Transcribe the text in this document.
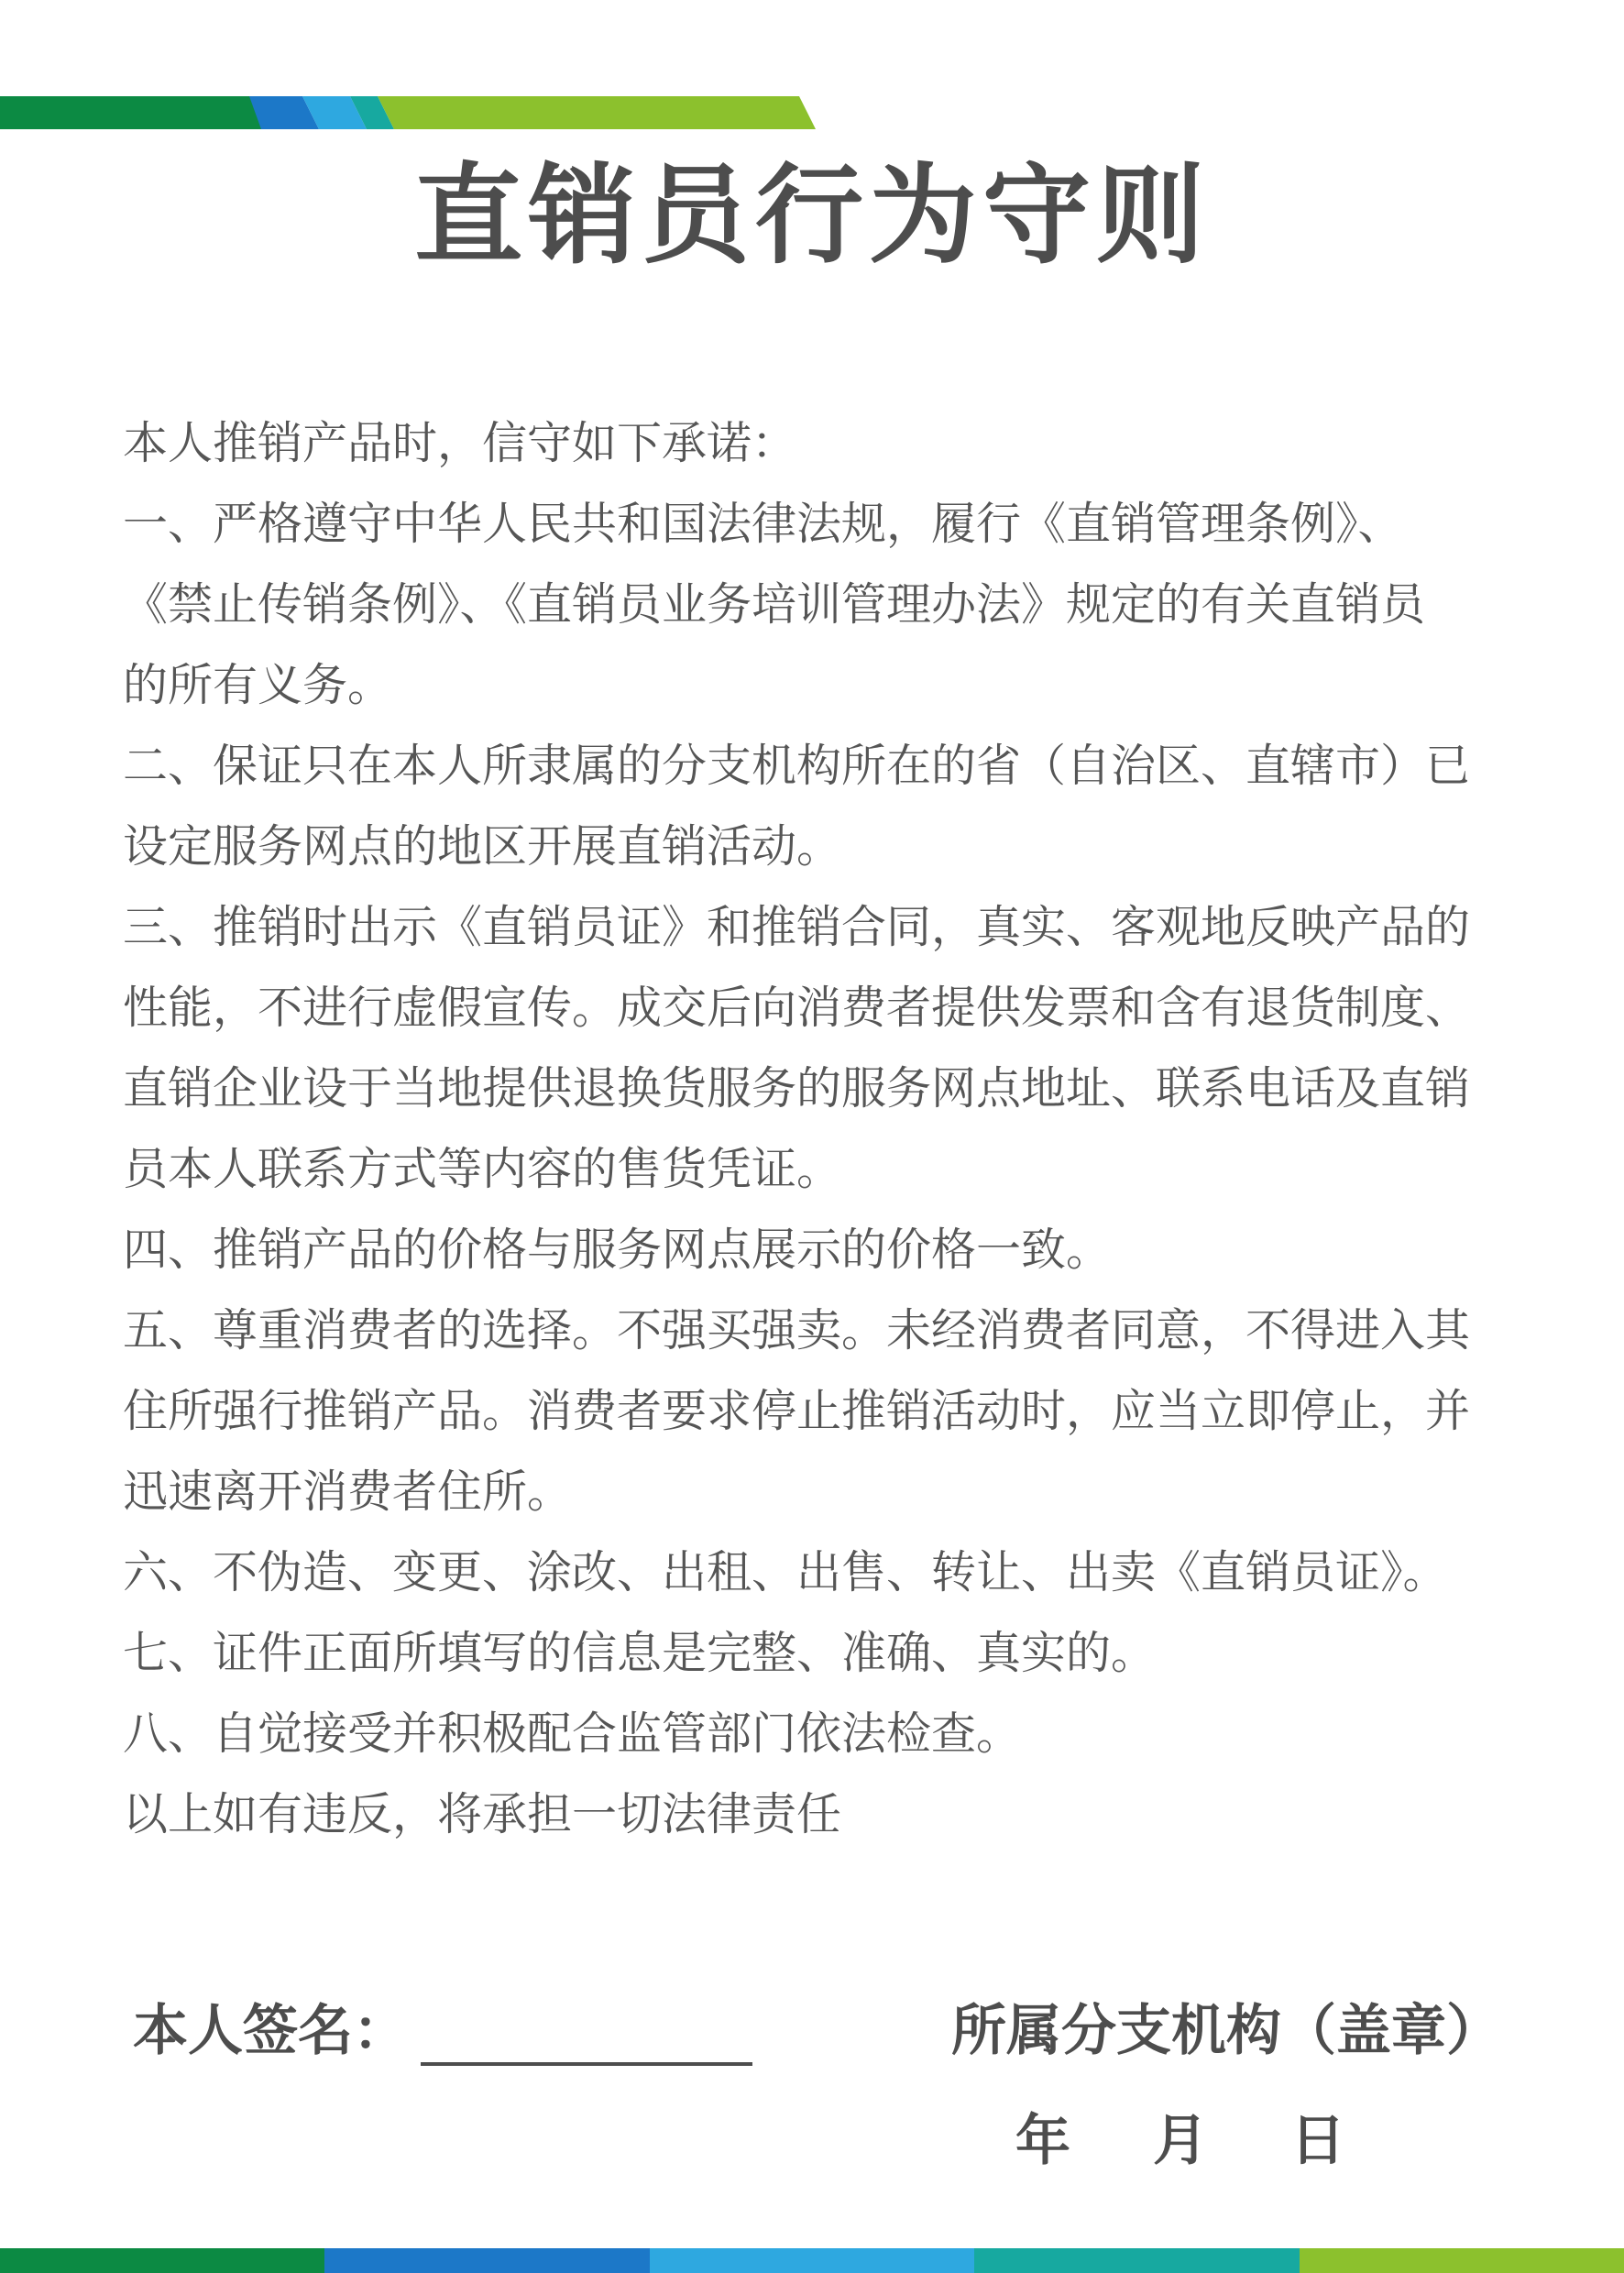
直销员行为守则

本人推销产品时，信守如下承诺：

一、严格遵守中华人民共和国法律法规，履行《直销管理条例》、

《禁止传销条例》、《直销员业务培训管理办法》规定的有关直销员

的所有义务。

二、保证只在本人所隶属的分支机构所在的省（自治区、直辖市）已

设定服务网点的地区开展直销活动。

三、推销时出示《直销员证》和推销合同，真实、客观地反映产品的

性能，不进行虚假宣传。成交后向消费者提供发票和含有退货制度、

直销企业设于当地提供退换货服务的服务网点地址、联系电话及直销

员本人联系方式等内容的售货凭证。

四、推销产品的价格与服务网点展示的价格一致。

五、尊重消费者的选择。不强买强卖。未经消费者同意，不得进入其

住所强行推销产品。消费者要求停止推销活动时，应当立即停止，并

迅速离开消费者住所。

六、不伪造、变更、涂改、出租、出售、转让、出卖《直销员证》。

七、证件正面所填写的信息是完整、准确、真实的。

八、自觉接受并积极配合监管部门依法检查。

以上如有违反，将承担一切法律责任

本人签名：	所属分支机构（盖章）
年 月 日
